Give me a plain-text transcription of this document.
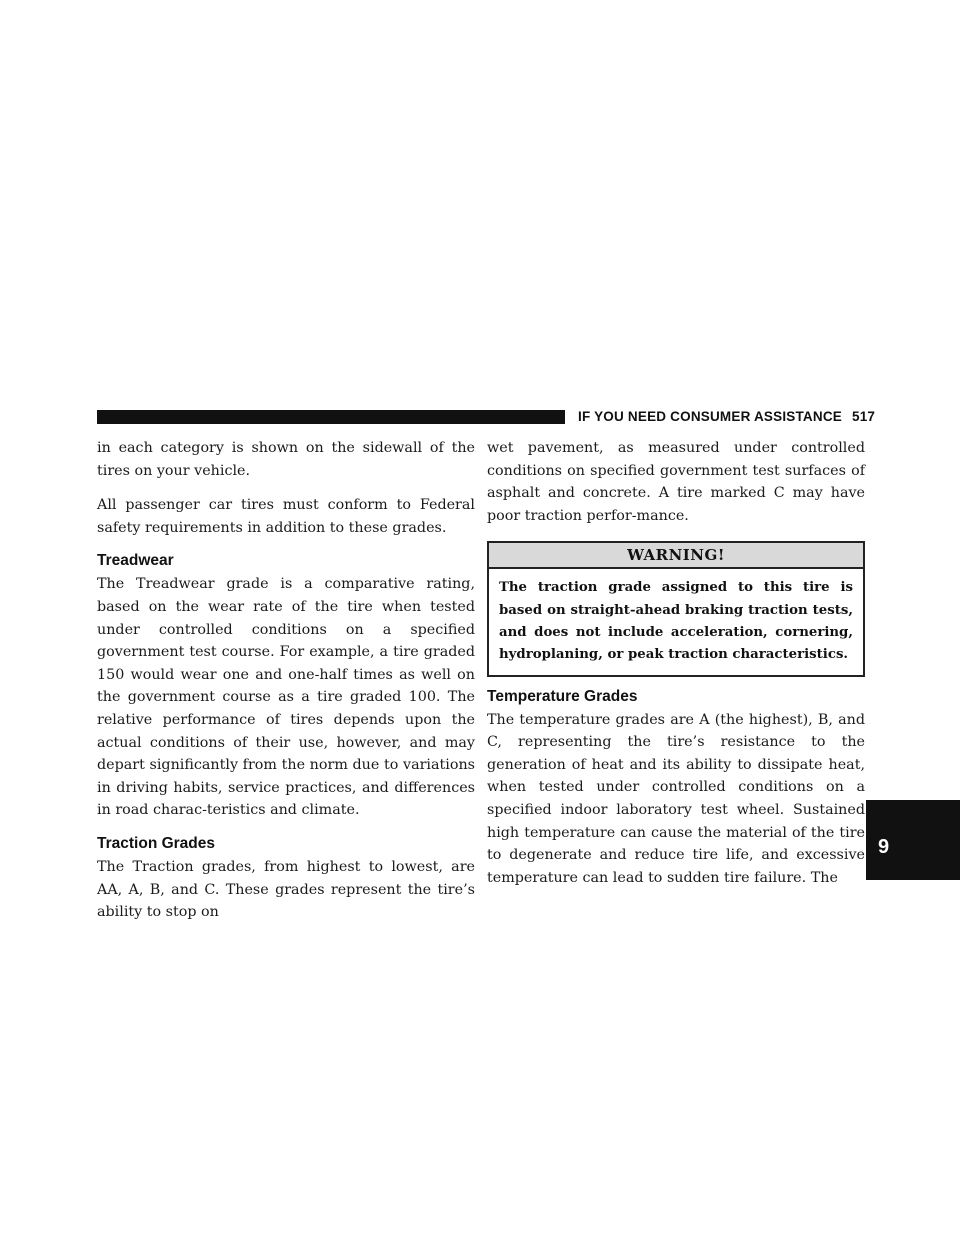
IF YOU NEED CONSUMER ASSISTANCE 517

in each category is shown on the sidewall of the tires on your vehicle.

All passenger car tires must conform to Federal safety requirements in addition to these grades.

Treadwear

The Treadwear grade is a comparative rating, based on the wear rate of the tire when tested under controlled conditions on a specified government test course. For example, a tire graded 150 would wear one and one-half times as well on the government course as a tire graded 100. The relative performance of tires depends upon the actual conditions of their use, however, and may depart significantly from the norm due to variations in driving habits, service practices, and differences in road charac-teristics and climate.

Traction Grades

The Traction grades, from highest to lowest, are AA, A, B, and C. These grades represent the tire’s ability to stop on

wet pavement, as measured under controlled conditions on specified government test surfaces of asphalt and concrete. A tire marked C may have poor traction perfor-mance.

WARNING!
The traction grade assigned to this tire is based on straight-ahead braking traction tests, and does not include acceleration, cornering, hydroplaning, or peak traction characteristics.
Temperature Grades

The temperature grades are A (the highest), B, and C, representing the tire’s resistance to the generation of heat and its ability to dissipate heat, when tested under controlled conditions on a specified indoor laboratory test wheel. Sustained high temperature can cause the material of the tire to degenerate and reduce tire life, and excessive temperature can lead to sudden tire failure. The

9
